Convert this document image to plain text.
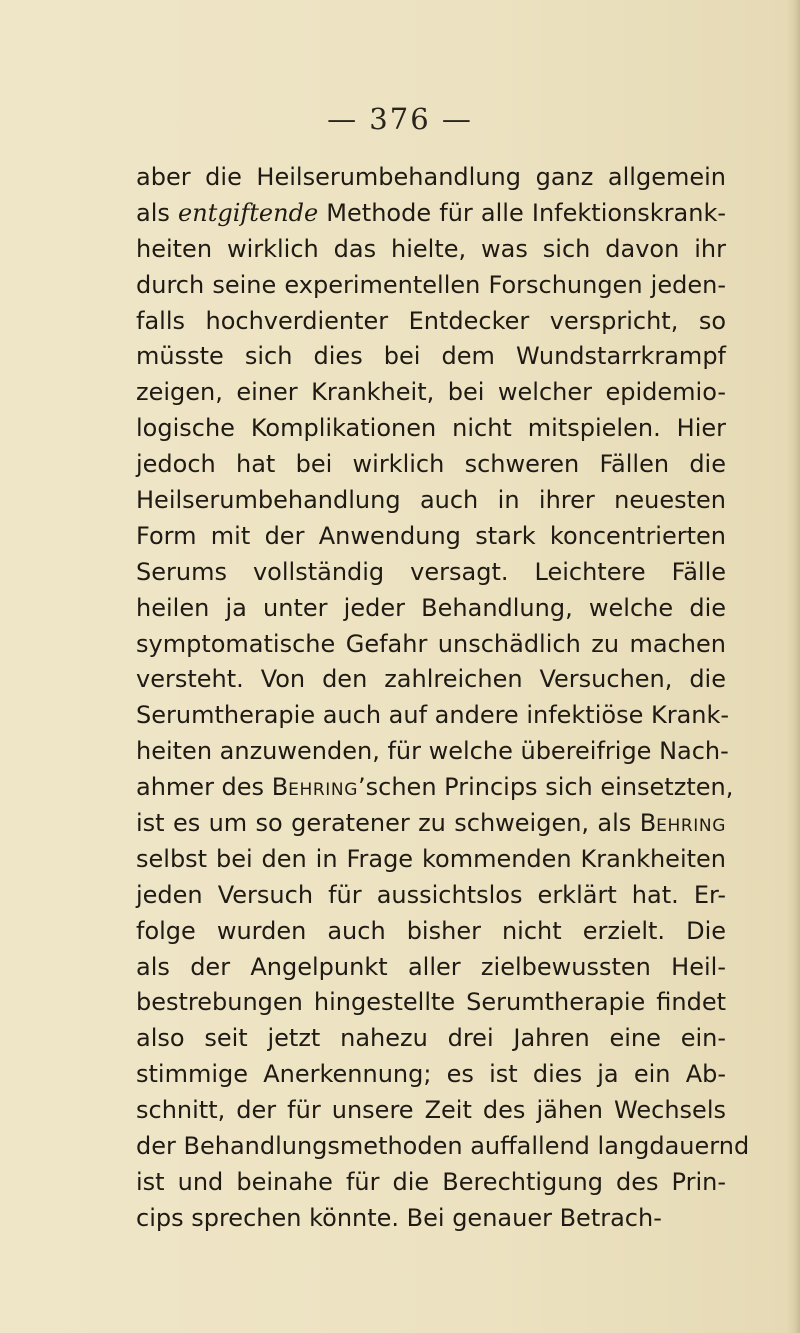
— 376 —
aber die Heilserumbehandlung ganz allgemein
als entgiftende Methode für alle Infektionskrank-
heiten wirklich das hielte, was sich davon ihr
durch seine experimentellen Forschungen jeden-
falls hochverdienter Entdecker verspricht, so
müsste sich dies bei dem Wundstarrkrampf
zeigen, einer Krankheit, bei welcher epidemio-
logische Komplikationen nicht mitspielen. Hier
jedoch hat bei wirklich schweren Fällen die
Heilserumbehandlung auch in ihrer neuesten
Form mit der Anwendung stark koncentrierten
Serums vollständig versagt. Leichtere Fälle
heilen ja unter jeder Behandlung, welche die
symptomatische Gefahr unschädlich zu machen
versteht. Von den zahlreichen Versuchen, die
Serumtherapie auch auf andere infektiöse Krank-
heiten anzuwenden, für welche übereifrige Nach-
ahmer des BEHRING’schen Princips sich einsetzten,
ist es um so geratener zu schweigen, als BEHRING
selbst bei den in Frage kommenden Krankheiten
jeden Versuch für aussichtslos erklärt hat. Er-
folge wurden auch bisher nicht erzielt. Die
als der Angelpunkt aller zielbewussten Heil-
bestrebungen hingestellte Serumtherapie findet
also seit jetzt nahezu drei Jahren eine ein-
stimmige Anerkennung; es ist dies ja ein Ab-
schnitt, der für unsere Zeit des jähen Wechsels
der Behandlungsmethoden auffallend langdauernd
ist und beinahe für die Berechtigung des Prin-
cips sprechen könnte. Bei genauer Betrach-
